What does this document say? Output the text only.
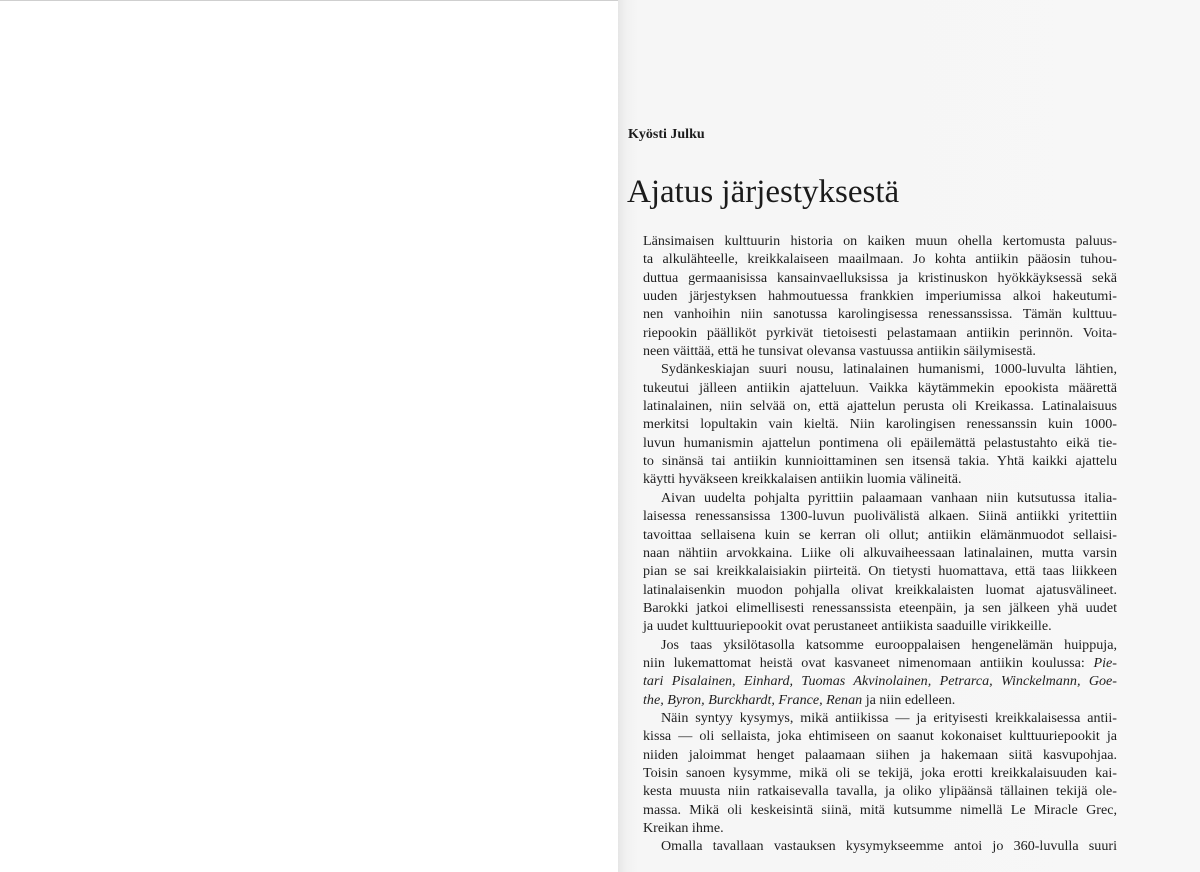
Kyösti Julku

Ajatus järjestyksestä
Länsimaisen kulttuurin historia on kaiken muun ohella kertomusta paluus-
ta alkulähteelle, kreikkalaiseen maailmaan. Jo kohta antiikin pääosin tuhou-
duttua germaanisissa kansainvaelluksissa ja kristinuskon hyökkäyksessä sekä
uuden järjestyksen hahmoutuessa frankkien imperiumissa alkoi hakeutumi-
nen vanhoihin niin sanotussa karolingisessa renessanssissa. Tämän kulttuu-
riepookin päälliköt pyrkivät tietoisesti pelastamaan antiikin perinnön. Voita-
neen väittää, että he tunsivat olevansa vastuussa antiikin säilymisestä.
Sydänkeskiajan suuri nousu, latinalainen humanismi, 1000-luvulta lähtien,
tukeutui jälleen antiikin ajatteluun. Vaikka käytämmekin epookista määrettä
latinalainen, niin selvää on, että ajattelun perusta oli Kreikassa. Latinalaisuus
merkitsi lopultakin vain kieltä. Niin karolingisen renessanssin kuin 1000-
luvun humanismin ajattelun pontimena oli epäilemättä pelastustahto eikä tie-
to sinänsä tai antiikin kunnioittaminen sen itsensä takia. Yhtä kaikki ajattelu
käytti hyväkseen kreikkalaisen antiikin luomia välineitä.
Aivan uudelta pohjalta pyrittiin palaamaan vanhaan niin kutsutussa italia-
laisessa renessansissa 1300-luvun puolivälistä alkaen. Siinä antiikki yritettiin
tavoittaa sellaisena kuin se kerran oli ollut; antiikin elämänmuodot sellaisi-
naan nähtiin arvokkaina. Liike oli alkuvaiheessaan latinalainen, mutta varsin
pian se sai kreikkalaisiakin piirteitä. On tietysti huomattava, että taas liikkeen
latinalaisenkin muodon pohjalla olivat kreikkalaisten luomat ajatusvälineet.
Barokki jatkoi elimellisesti renessanssista eteenpäin, ja sen jälkeen yhä uudet
ja uudet kulttuuriepookit ovat perustaneet antiikista saaduille virikkeille.
Jos taas yksilötasolla katsomme eurooppalaisen hengenelämän huippuja,
niin lukemattomat heistä ovat kasvaneet nimenomaan antiikin koulussa: Pie-
tari Pisalainen, Einhard, Tuomas Akvinolainen, Petrarca, Winckelmann, Goe-
the, Byron, Burckhardt, France, Renan ja niin edelleen.
Näin syntyy kysymys, mikä antiikissa — ja erityisesti kreikkalaisessa antii-
kissa — oli sellaista, joka ehtimiseen on saanut kokonaiset kulttuuriepookit ja
niiden jaloimmat henget palaamaan siihen ja hakemaan siitä kasvupohjaa.
Toisin sanoen kysymme, mikä oli se tekijä, joka erotti kreikkalaisuuden kai-
kesta muusta niin ratkaisevalla tavalla, ja oliko ylipäänsä tällainen tekijä ole-
massa. Mikä oli keskeisintä siinä, mitä kutsumme nimellä Le Miracle Grec,
Kreikan ihme.
Omalla tavallaan vastauksen kysymykseemme antoi jo 360-luvulla suuri
